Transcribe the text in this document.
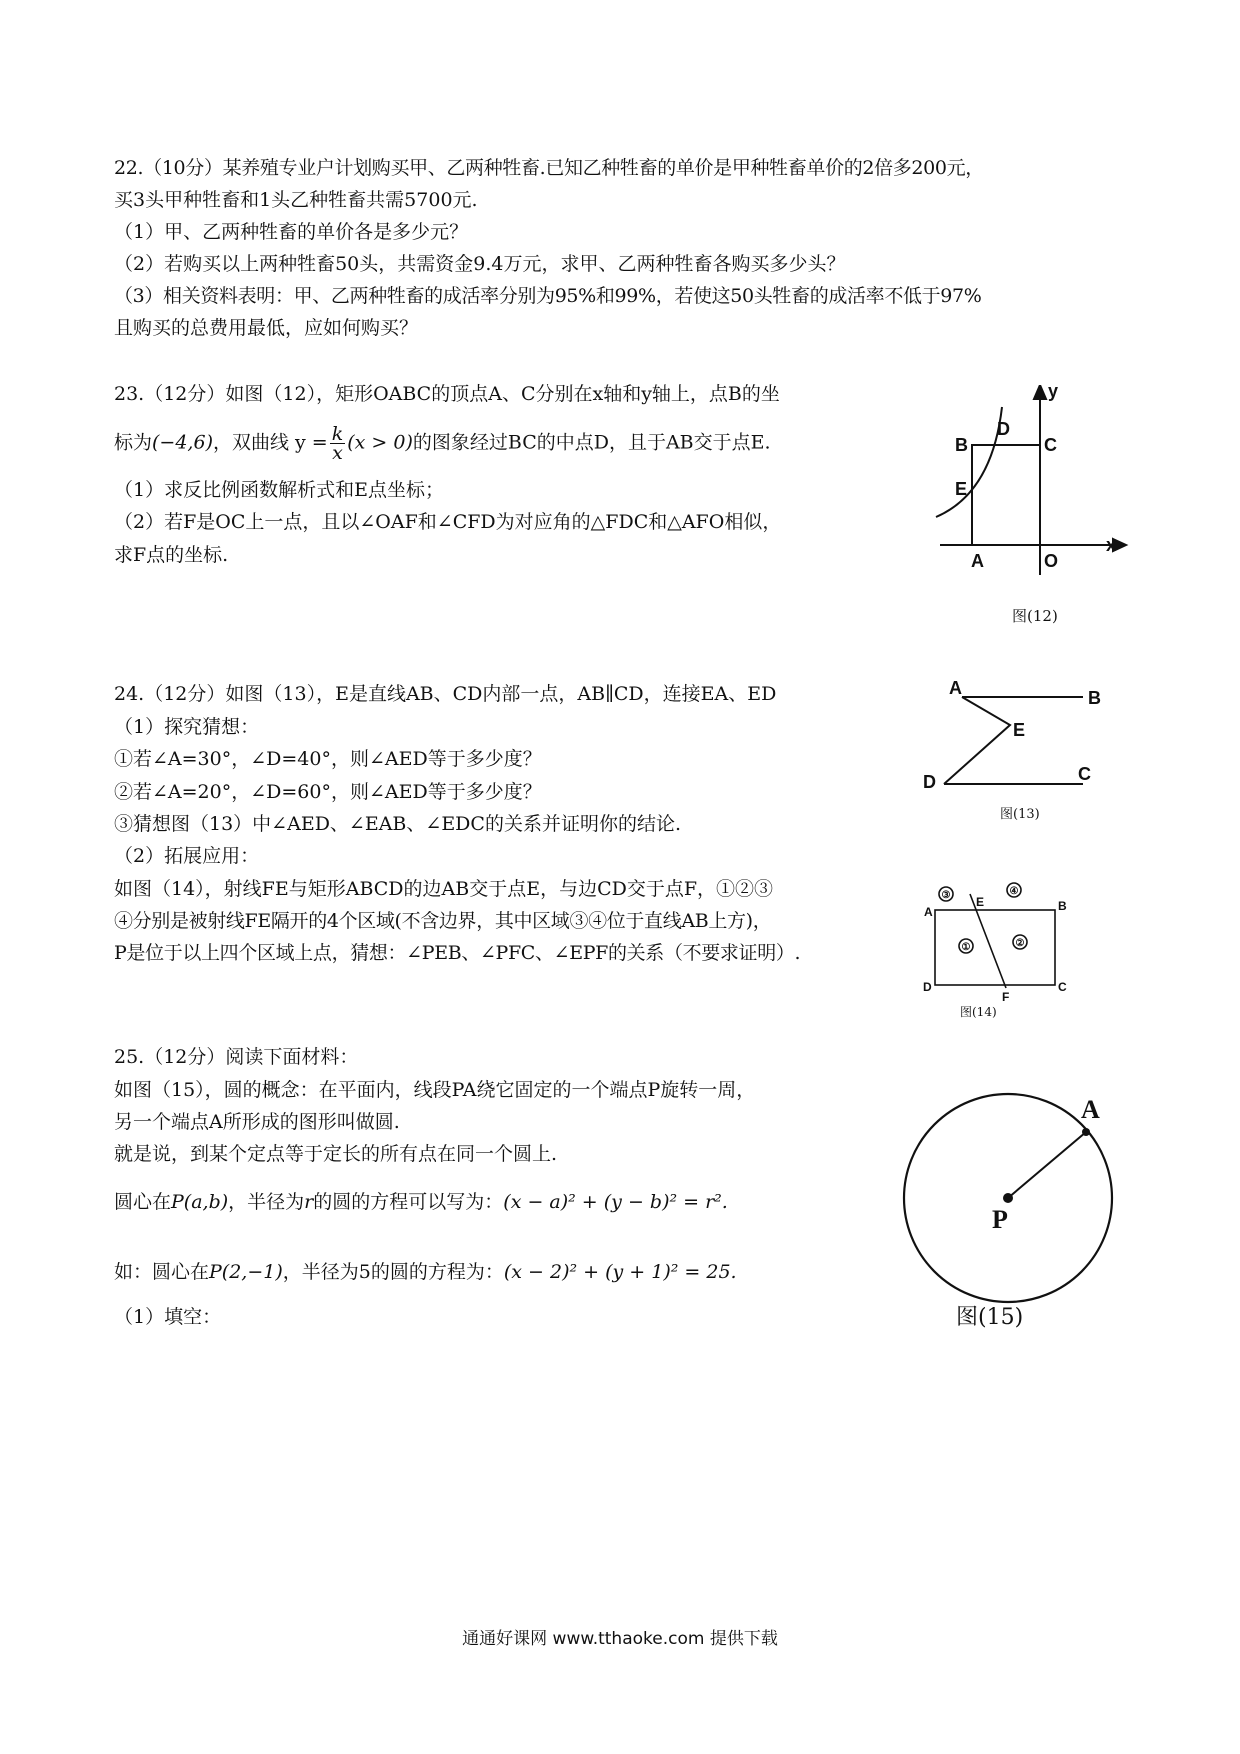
22.（10分）某养殖专业户计划购买甲、乙两种牲畜.已知乙种牲畜的单价是甲种牲畜单价的2倍多200元，
买3头甲种牲畜和1头乙种牲畜共需5700元.
（1）甲、乙两种牲畜的单价各是多少元？
（2）若购买以上两种牲畜50头，共需资金9.4万元，求甲、乙两种牲畜各购买多少头？
（3）相关资料表明：甲、乙两种牲畜的成活率分别为95%和99%，若使这50头牲畜的成活率不低于97%
且购买的总费用最低，应如何购买？
23.（12分）如图（12），矩形OABC的顶点A、C分别在x轴和y轴上，点B的坐
标为(−4,6)，双曲线 $y = \frac{k}{x} (x > 0)$的图象经过BC的中点D，且于AB交于点E.
（1）求反比例函数解析式和E点坐标；
（2）若F是OC上一点，且以∠OAF和∠CFD为对应角的△FDC和△AFO相似，
求F点的坐标.
y
x
B	C
D
E
A	O
图(12)
24.（12分）如图（13），E是直线AB、CD内部一点，AB∥CD，连接EA、ED
（1）探究猜想：
①若∠A=30°，∠D=40°，则∠AED等于多少度？
②若∠A=20°，∠D=60°，则∠AED等于多少度？
③猜想图（13）中∠AED、∠EAB、∠EDC的关系并证明你的结论.
（2）拓展应用：
如图（14），射线FE与矩形ABCD的边AB交于点E，与边CD交于点F，①②③
④分别是被射线FE隔开的4个区域(不含边界，其中区域③④位于直线AB上方)，
P是位于以上四个区域上点，猜想：∠PEB、∠PFC、∠EPF的关系（不要求证明）.
A	B
E
D	C
图(13)
③	④
①	②
E
A	B
D
F
C
图(14)
25.（12分）阅读下面材料：
如图（15），圆的概念：在平面内，线段PA绕它固定的一个端点P旋转一周，
另一个端点A所形成的图形叫做圆.
就是说，到某个定点等于定长的所有点在同一个圆上.
圆心在P(a,b)，半径为r的圆的方程可以写为：(x − a)² + (y − b)² = r².
如：圆心在P(2,−1)，半径为5的圆的方程为：(x − 2)² + (y + 1)² = 25.
（1）填空：
A
P
图(15)
通通好课网 www.tthaoke.com 提供下载
